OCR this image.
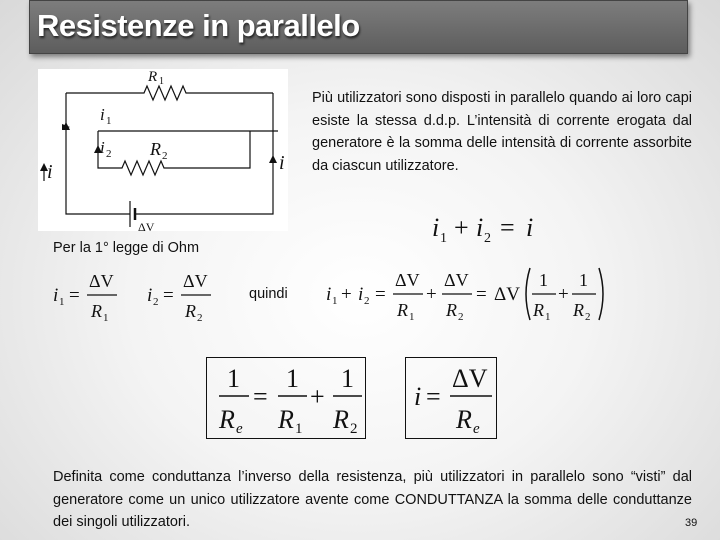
Resistenze in parallelo
R 1
R 2
i 1
i 2
i	i
ΔV

Più utilizzatori sono disposti in parallelo quando ai loro capi esiste la stessa d.d.p. L’intensità di corrente erogata dal generatore è la somma delle intensità di corrente assorbite da ciascun utilizzatore.

i 1 + i 2 = i
Per la 1° legge di Ohm
i 1 =
ΔV
R 1
i 2 =
ΔV
R 2
quindi i 1 + i 2 =
ΔV
R 1
+
ΔV
R 2
= ΔV
1
R 1
+
1
R 2
1
R e
=
1
R 1
+
1
R 2
i =
ΔV
R e

Definita come conduttanza l’inverso della resistenza, più utilizzatori in parallelo sono “visti” dal generatore come un unico utilizzatore avente come CONDUTTANZA la somma delle conduttanze dei singoli utilizzatori.	39
